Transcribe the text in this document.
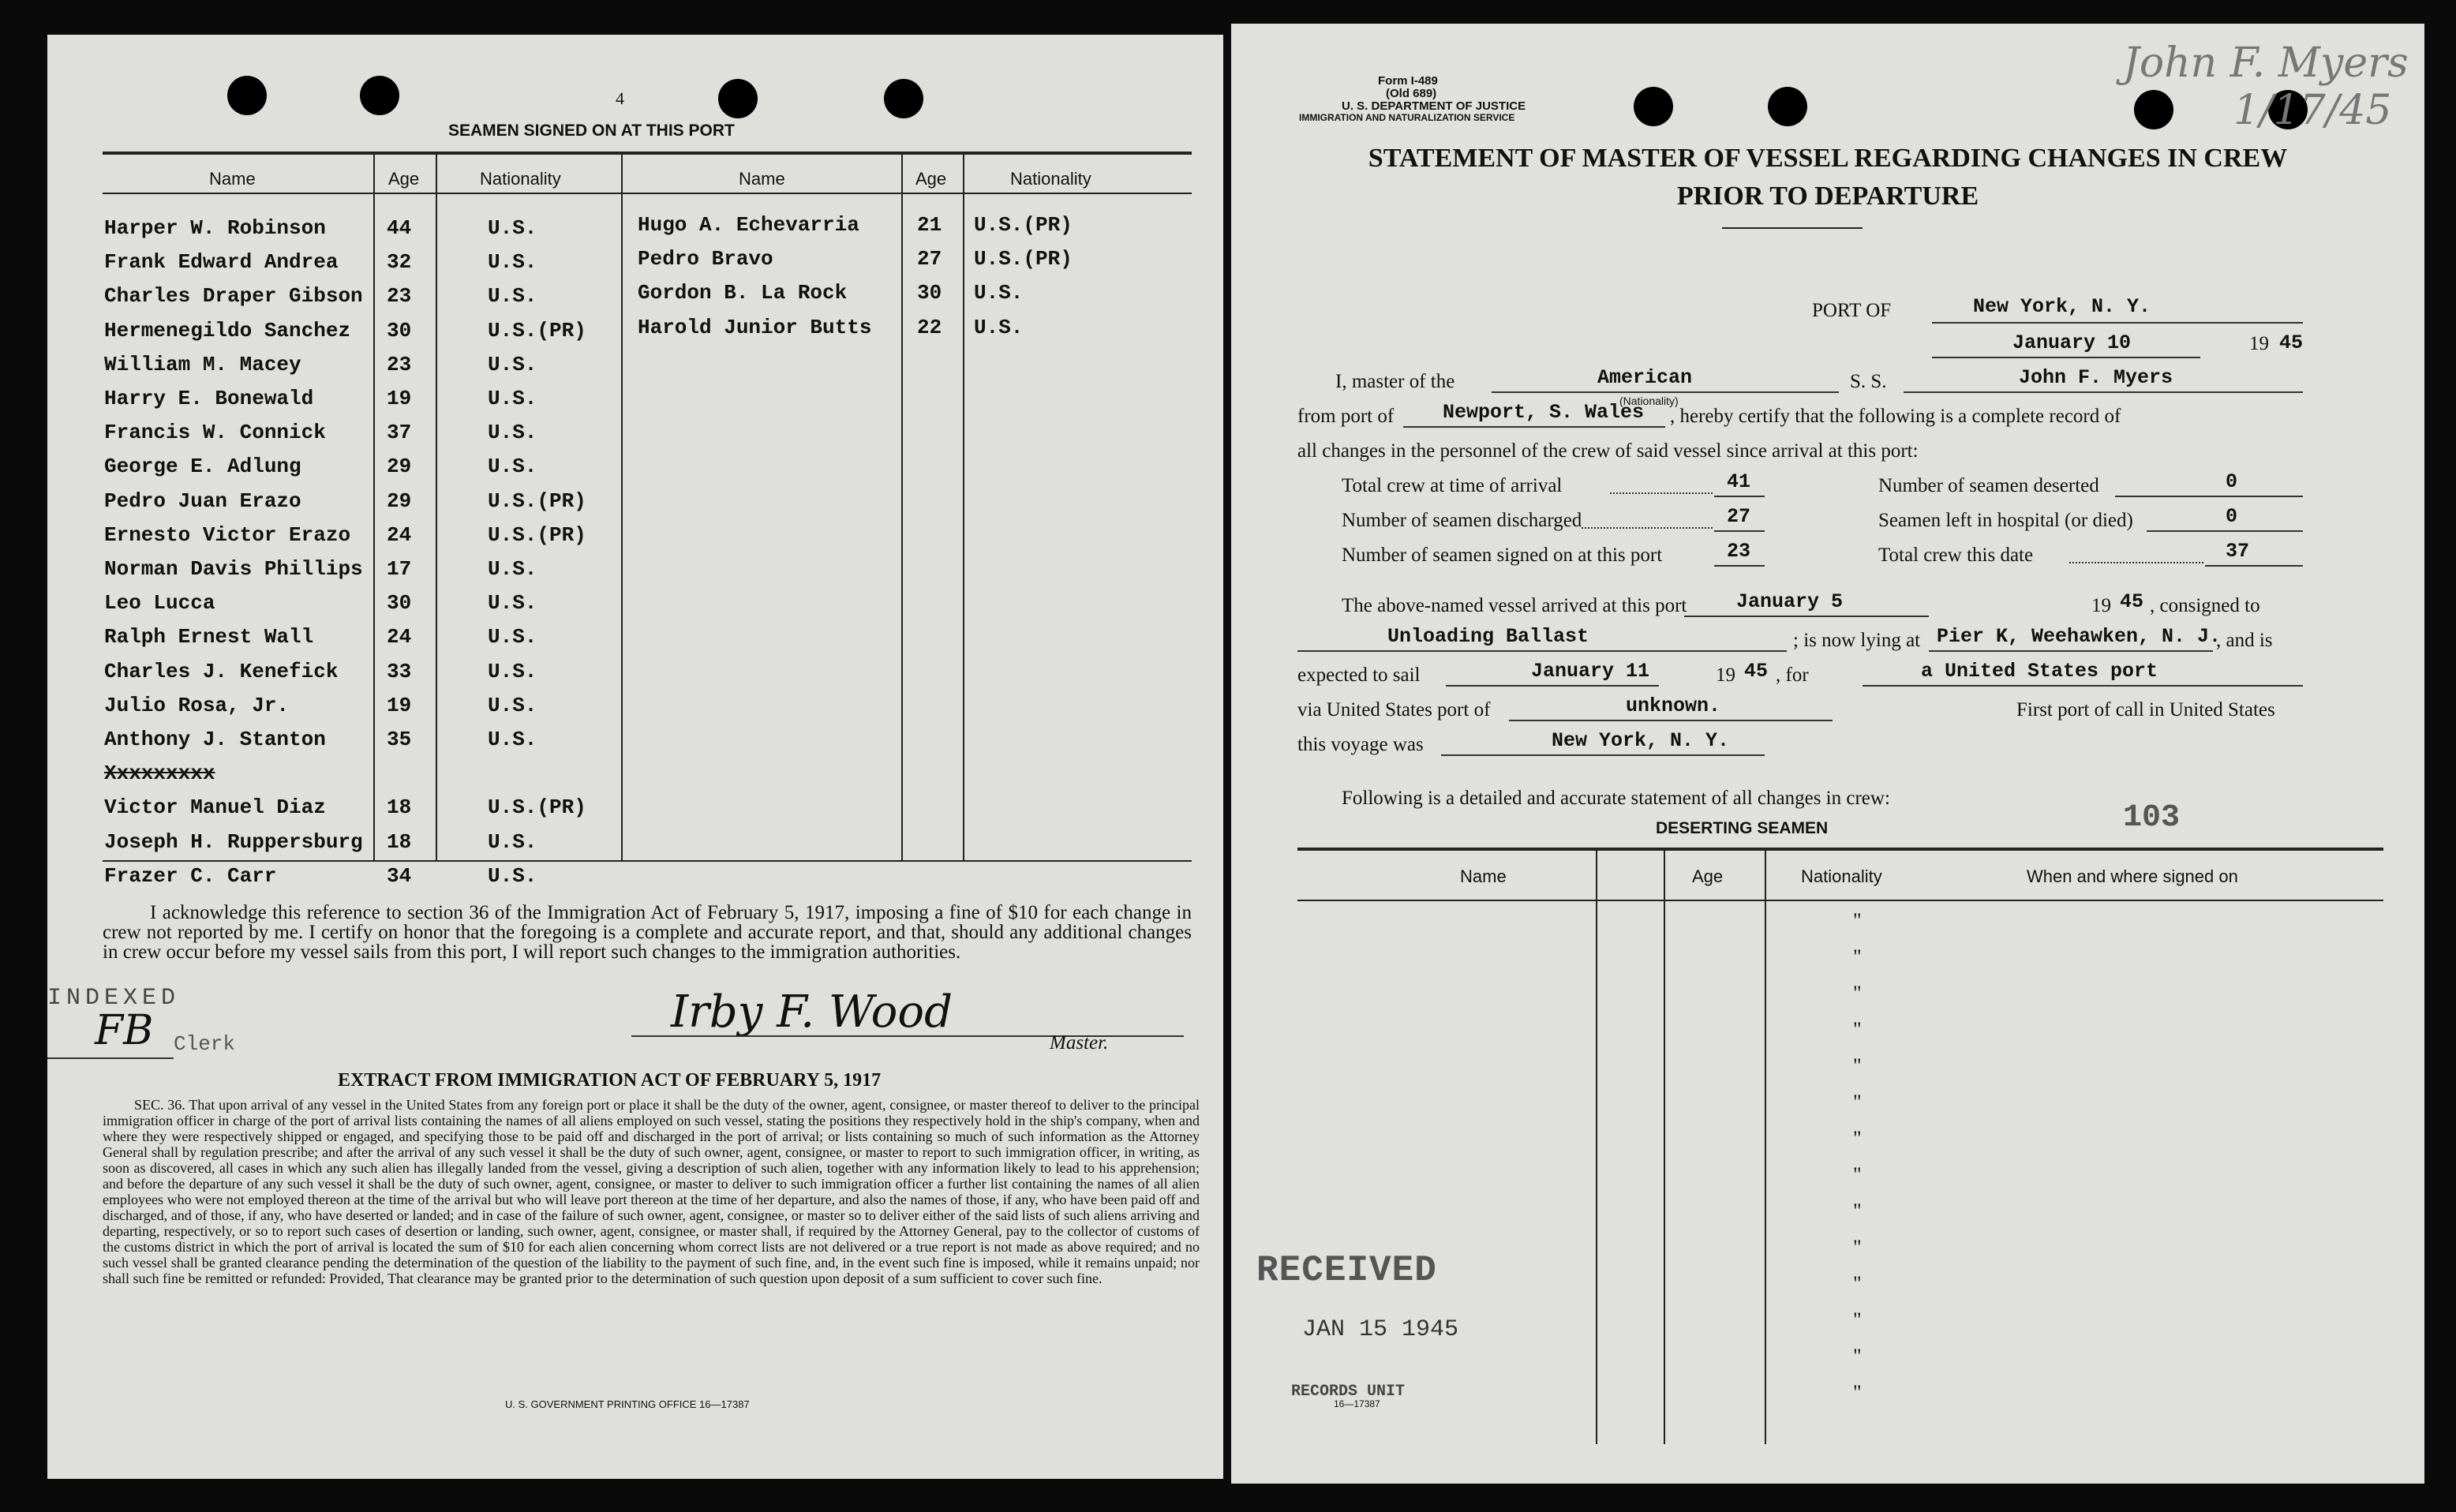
4
SEAMEN SIGNED ON AT THIS PORT
Name	Age	Nationality	Name	Age	Nationality
Harper W. Robinson	44	U.S.
Frank Edward Andrea 32	U.S.
Charles Draper Gibson 23	U.S.
Hermenegildo Sanchez 30	U.S.(PR)
William M. Macey	23	U.S.
Harry E. Bonewald	19	U.S.
Francis W. Connick	37	U.S.
George E. Adlung	29	U.S.
Pedro Juan Erazo	29	U.S.(PR)
Ernesto Victor Erazo 24	U.S.(PR)
Norman Davis Phillips 17	U.S.
Leo Lucca	30	U.S.
Ralph Ernest Wall	24	U.S.
Charles J. Kenefick 33	U.S.
Julio Rosa, Jr.	19	U.S.
Anthony J. Stanton	35	U.S.
Xxxxxxxxx
Victor Manuel Diaz	18	U.S.(PR)
Joseph H. Ruppersburg 18	U.S.
Frazer C. Carr	34	U.S.
Hugo A. Echevarria	21 U.S.(PR)
Pedro Bravo	27 U.S.(PR)
Gordon B. La Rock	30 U.S.
Harold Junior Butts 22 U.S.
I acknowledge this reference to section 36 of the Immigration Act of February 5, 1917, imposing a fine of $10 for each change in crew not reported by me. I certify on honor that the foregoing is a complete and accurate report, and that, should any additional changes in crew occur before my vessel sails from this port, I will report such changes to the immigration authorities.
INDEXED
FB Clerk
Irby F. Wood
Master.
EXTRACT FROM IMMIGRATION ACT OF FEBRUARY 5, 1917
SEC. 36. That upon arrival of any vessel in the United States from any foreign port or place it shall be the duty of the owner, agent, consignee, or master thereof to deliver to the principal immigration officer in charge of the port of arrival lists containing the names of all aliens employed on such vessel, stating the positions they respectively hold in the ship's company, when and where they were respectively shipped or engaged, and specifying those to be paid off and discharged in the port of arrival; or lists containing so much of such information as the Attorney General shall by regulation prescribe; and after the arrival of any such vessel it shall be the duty of such owner, agent, consignee, or master to report to such immigration officer, in writing, as soon as discovered, all cases in which any such alien has illegally landed from the vessel, giving a description of such alien, together with any information likely to lead to his apprehension; and before the departure of any such vessel it shall be the duty of such owner, agent, consignee, or master to deliver to such immigration officer a further list containing the names of all alien employees who were not employed thereon at the time of the arrival but who will leave port thereon at the time of her departure, and also the names of those, if any, who have been paid off and discharged, and of those, if any, who have deserted or landed; and in case of the failure of such owner, agent, consignee, or master so to deliver either of the said lists of such aliens arriving and departing, respectively, or so to report such cases of desertion or landing, such owner, agent, consignee, or master shall, if required by the Attorney General, pay to the collector of customs of the customs district in which the port of arrival is located the sum of $10 for each alien concerning whom correct lists are not delivered or a true report is not made as above required; and no such vessel shall be granted clearance pending the determination of the question of the liability to the payment of such fine, and, in the event such fine is imposed, while it remains unpaid; nor shall such fine be remitted or refunded: Provided, That clearance may be granted prior to the determination of such question upon deposit of a sum sufficient to cover such fine.
U. S. GOVERNMENT PRINTING OFFICE 16—17387
Form I-489
(Old 689)
U. S. DEPARTMENT OF JUSTICE
IMMIGRATION AND NATURALIZATION SERVICE
John F. Myers
1/17/45
STATEMENT OF MASTER OF VESSEL REGARDING CHANGES IN CREW
PRIOR TO DEPARTURE
PORT OF	New York, N. Y.
January 10	19 45
I, master of the	American
(Nationality)
S. S.	John F. Myers
from port of Newport, S. Wales , hereby certify that the following is a complete record of
all changes in the personnel of the crew of said vessel since arrival at this port:
Total crew at time of arrival	41	Number of seamen deserted	0
Number of seamen discharged	27	Seamen left in hospital (or died)	0
Number of seamen signed on at this port	23	Total crew this date	37
The above-named vessel arrived at this port	January 5	19 45 , consigned to
Unloading Ballast	; is now lying at Pier K, Weehawken, N. J.
, and is
expected to sail	January 11	19 45 , for	a United States port
via United States port of	unknown.	First port of call in United States
this voyage was	New York, N. Y.
Following is a detailed and accurate statement of all changes in crew:
DESERTING SEAMEN	103
Name	Age	Nationality	When and where signed on
"
"
"
"
"
"
"
"
"
"
"
"
"
"
RECEIVED
JAN 15 1945
RECORDS UNIT
16—17387
